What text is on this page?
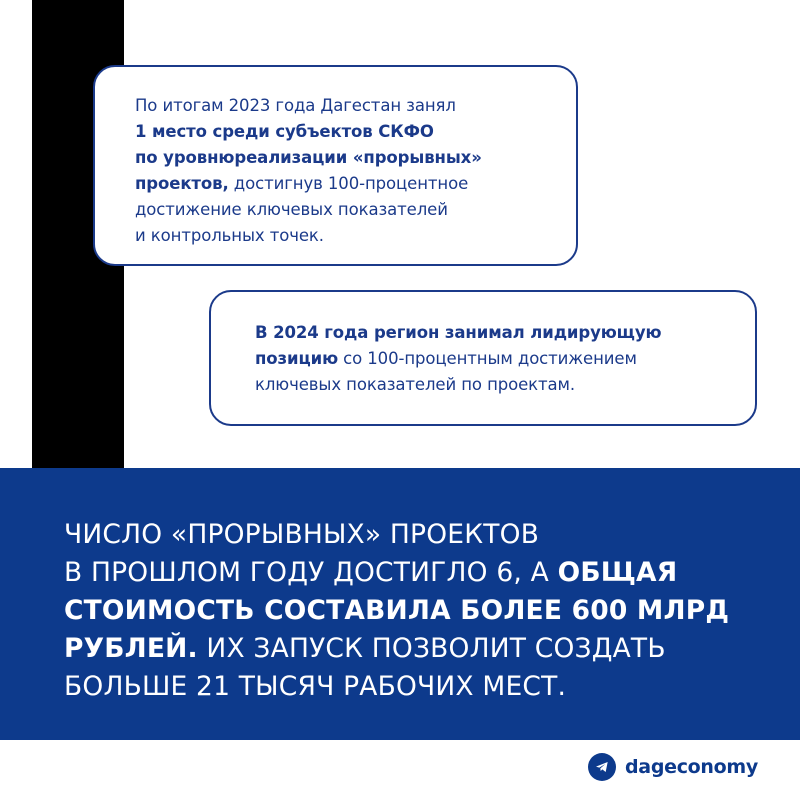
По итогам 2023 года Дагестан занял
1 место среди субъектов СКФО
по уровнюреализации «прорывных»
проектов, достигнув 100-процентное
достижение ключевых показателей
и контрольных точек.

В 2024 года регион занимал лидирующую
позицию со 100-процентным достижением
ключевых показателей по проектам.

ЧИСЛО «ПРОРЫВНЫХ» ПРОЕКТОВ
В ПРОШЛОМ ГОДУ ДОСТИГЛО 6, А ОБЩАЯ
СТОИМОСТЬ СОСТАВИЛА БОЛЕЕ 600 МЛРД
РУБЛЕЙ. ИХ ЗАПУСК ПОЗВОЛИТ СОЗДАТЬ
БОЛЬШЕ 21 ТЫСЯЧ РАБОЧИХ МЕСТ.
dageconomy
